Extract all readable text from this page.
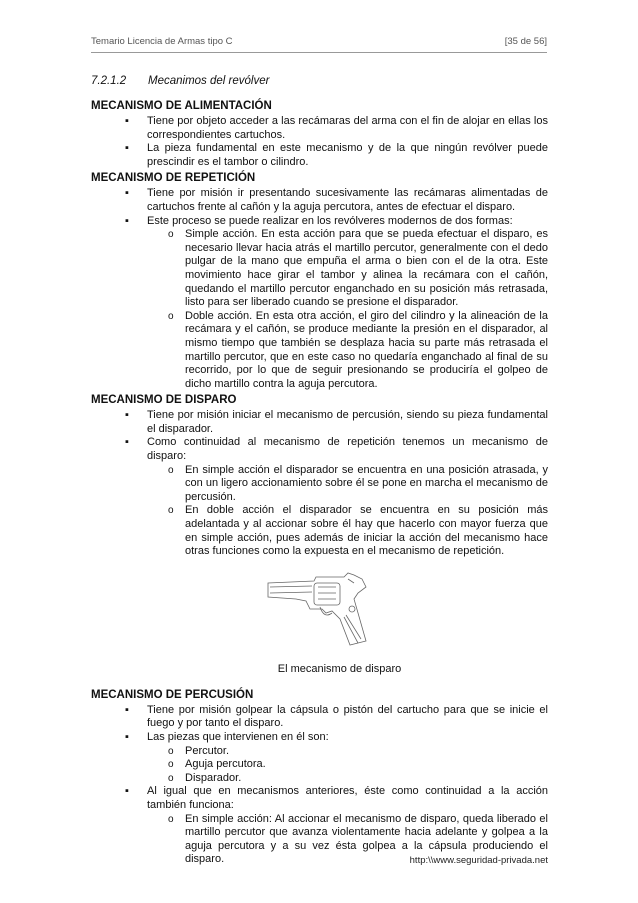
Temario Licencia de Armas tipo C	[35 de 56]

7.2.1.2 Mecanimos del revólver

MECANISMO DE ALIMENTACIÓN

▪ Tiene por objeto acceder a las recámaras del arma con el fin de alojar en ellas los correspondientes cartuchos.
▪ La pieza fundamental en este mecanismo y de la que ningún revólver puede prescindir es el tambor o cilindro.

MECANISMO DE REPETICIÓN

▪ Tiene por misión ir presentando sucesivamente las recámaras alimentadas de cartuchos frente al cañón y la aguja percutora, antes de efectuar el disparo.
▪ Este proceso se puede realizar en los revólveres modernos de dos formas:
o Simple acción. En esta acción para que se pueda efectuar el disparo, es necesario llevar hacia atrás el martillo percutor, generalmente con el dedo pulgar de la mano que empuña el arma o bien con el de la otra. Este movimiento hace girar el tambor y alinea la recámara con el cañón, quedando el martillo percutor enganchado en su posición más retrasada, listo para ser liberado cuando se presione el disparador.
o Doble acción. En esta otra acción, el giro del cilindro y la alineación de la recámara y el cañón, se produce mediante la presión en el disparador, al mismo tiempo que también se desplaza hacia su parte más retrasada el martillo percutor, que en este caso no quedaría enganchado al final de su recorrido, por lo que de seguir presionando se produciría el golpeo de dicho martillo contra la aguja percutora.

MECANISMO DE DISPARO

▪ Tiene por misión iniciar el mecanismo de percusión, siendo su pieza fundamental el disparador.
▪ Como continuidad al mecanismo de repetición tenemos un mecanismo de disparo:
o En simple acción el disparador se encuentra en una posición atrasada, y con un ligero accionamiento sobre él se pone en marcha el mecanismo de percusión.
o En doble acción el disparador se encuentra en su posición más adelantada y al accionar sobre él hay que hacerlo con mayor fuerza que en simple acción, pues además de iniciar la acción del mecanismo hace otras funciones como la expuesta en el mecanismo de repetición.
El mecanismo de disparo

MECANISMO DE PERCUSIÓN

▪ Tiene por misión golpear la cápsula o pistón del cartucho para que se inicie el fuego y por tanto el disparo.
▪ Las piezas que intervienen en él son:
o Percutor.
o Aguja percutora.
o Disparador.
▪ Al igual que en mecanismos anteriores, éste como continuidad a la acción también funciona:
o En simple acción: Al accionar el mecanismo de disparo, queda liberado el martillo percutor que avanza violentamente hacia adelante y golpea a la aguja percutora y a su vez ésta golpea a la cápsula produciendo el disparo.	http:\\www.seguridad-privada.net
